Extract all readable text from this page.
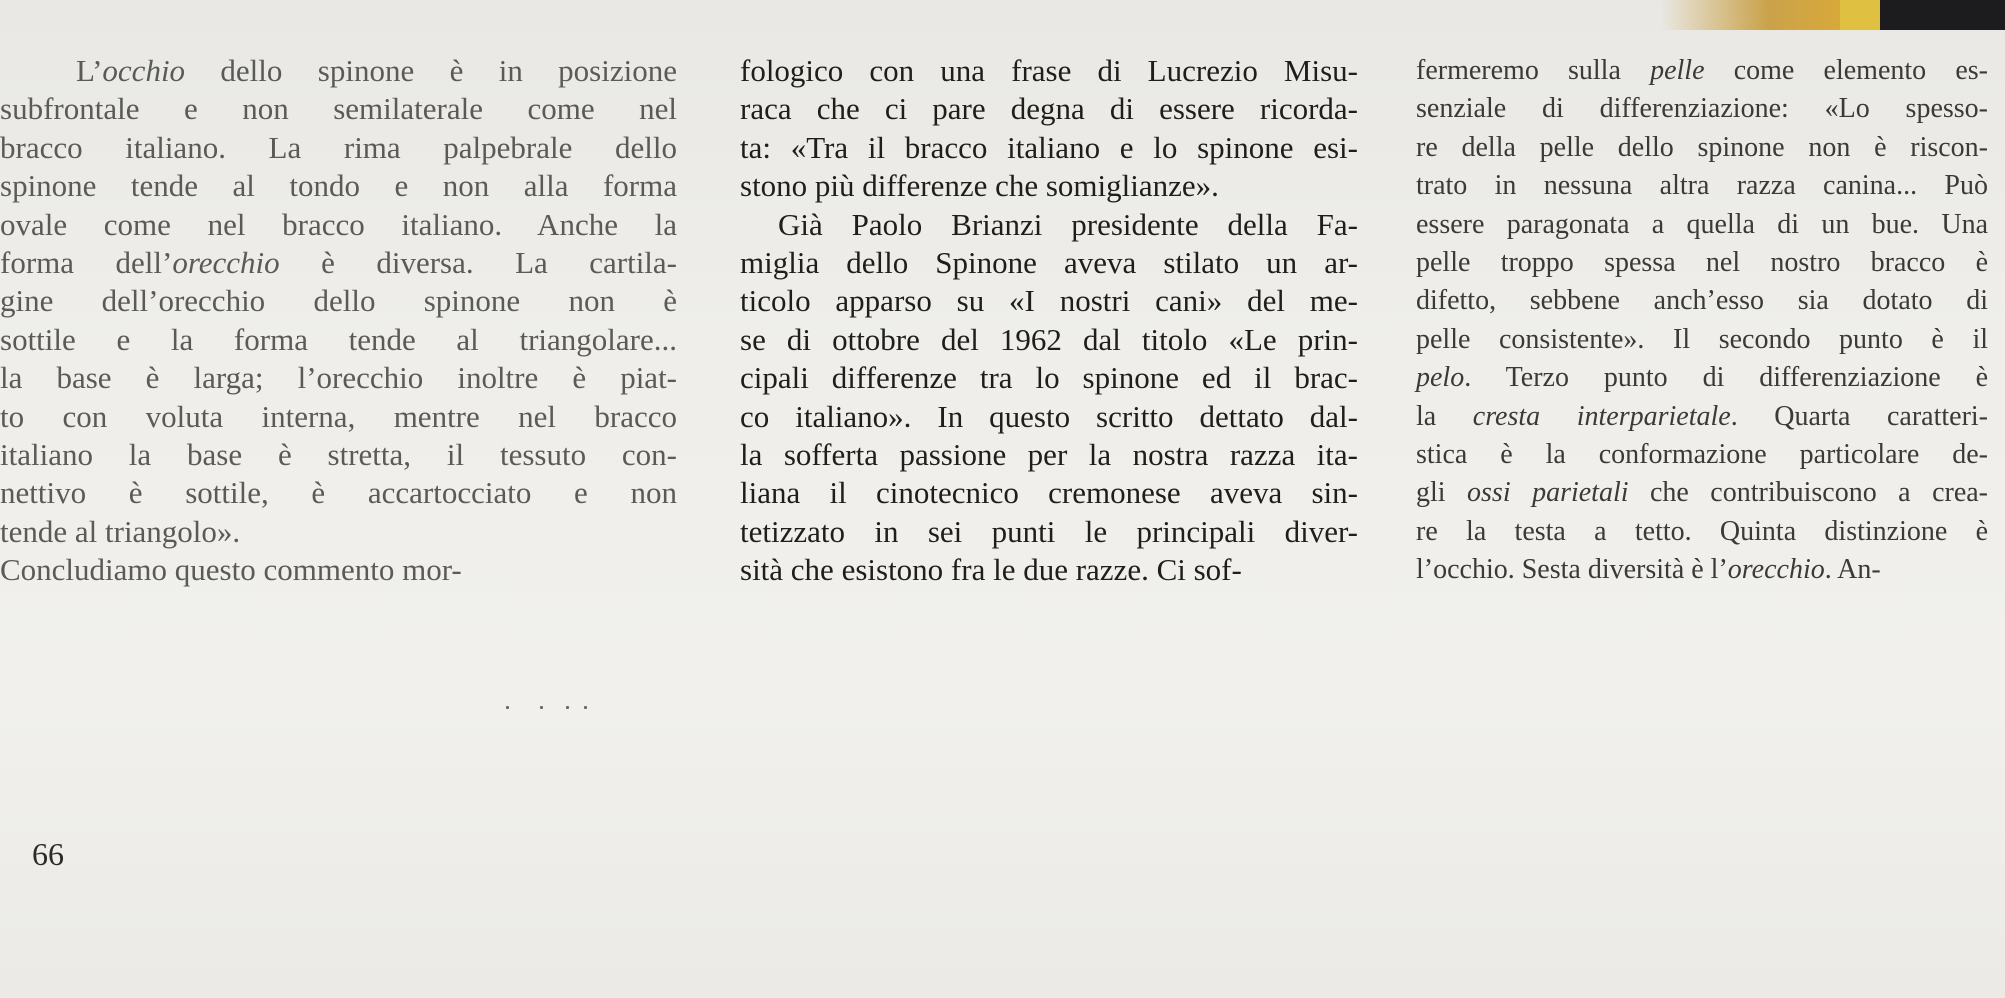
L’occhio dello spinone è in posizione
subfrontale e non semilaterale come nel
bracco italiano. La rima palpebrale dello
spinone tende al tondo e non alla forma
ovale come nel bracco italiano. Anche la
forma dell’orecchio è diversa. La cartila-
gine dell’orecchio dello spinone non è
sottile e la forma tende al triangolare...
la base è larga; l’orecchio inoltre è piat-
to con voluta interna, mentre nel bracco
italiano la base è stretta, il tessuto con-
nettivo è sottile, è accartocciato e non
tende al triangolo».
Concludiamo questo commento mor-
fologico con una frase di Lucrezio Misu-
raca che ci pare degna di essere ricorda-
ta: «Tra il bracco italiano e lo spinone esi-
stono più differenze che somiglianze».
Già Paolo Brianzi presidente della Fa-
miglia dello Spinone aveva stilato un ar-
ticolo apparso su «I nostri cani» del me-
se di ottobre del 1962 dal titolo «Le prin-
cipali differenze tra lo spinone ed il brac-
co italiano». In questo scritto dettato dal-
la sofferta passione per la nostra razza ita-
liana il cinotecnico cremonese aveva sin-
tetizzato in sei punti le principali diver-
sità che esistono fra le due razze. Ci sof-
fermeremo sulla pelle come elemento es-
senziale di differenziazione: «Lo spesso-
re della pelle dello spinone non è riscon-
trato in nessuna altra razza canina... Può
essere paragonata a quella di un bue. Una
pelle troppo spessa nel nostro bracco è
difetto, sebbene anch’esso sia dotato di
pelle consistente». Il secondo punto è il
pelo. Terzo punto di differenziazione è
la cresta interparietale. Quarta caratteri-
stica è la conformazione particolare de-
gli ossi parietali che contribuiscono a crea-
re la testa a tetto. Quinta distinzione è
l’occhio. Sesta diversità è l’orecchio. An-
66
